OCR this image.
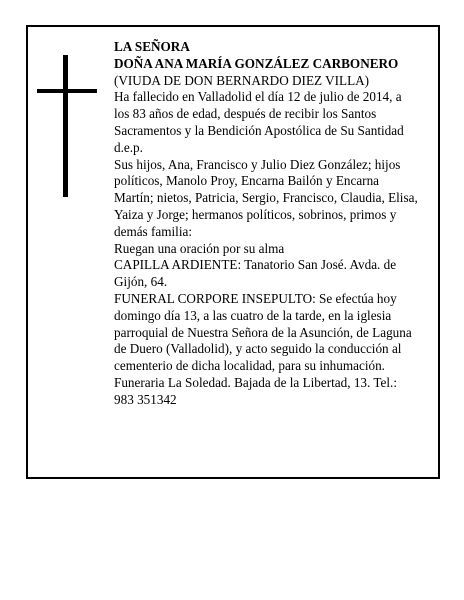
LA SEÑORA

DOÑA ANA MARÍA GONZÁLEZ CARBONERO

(VIUDA DE DON BERNARDO DIEZ VILLA)

Ha fallecido en Valladolid el día 12 de julio de 2014, a los 83 años de edad, después de recibir los Santos Sacramentos y la Bendición Apostólica de Su Santidad d.e.p.

Sus hijos, Ana, Francisco y Julio Diez González; hijos políticos, Manolo Proy, Encarna Bailón y Encarna Martín; nietos, Patricia, Sergio, Francisco, Claudia, Elisa, Yaiza y Jorge; hermanos políticos, sobrinos, primos y demás familia:

Ruegan una oración por su alma

CAPILLA ARDIENTE: Tanatorio San José. Avda. de Gijón, 64.

FUNERAL CORPORE INSEPULTO: Se efectúa hoy domingo día 13, a las cuatro de la tarde, en la iglesia parroquial de Nuestra Señora de la Asunción, de Laguna de Duero (Valladolid), y acto seguido la conducción al cementerio de dicha localidad, para su inhumación.

Funeraria La Soledad. Bajada de la Libertad, 13. Tel.: 983 351342
